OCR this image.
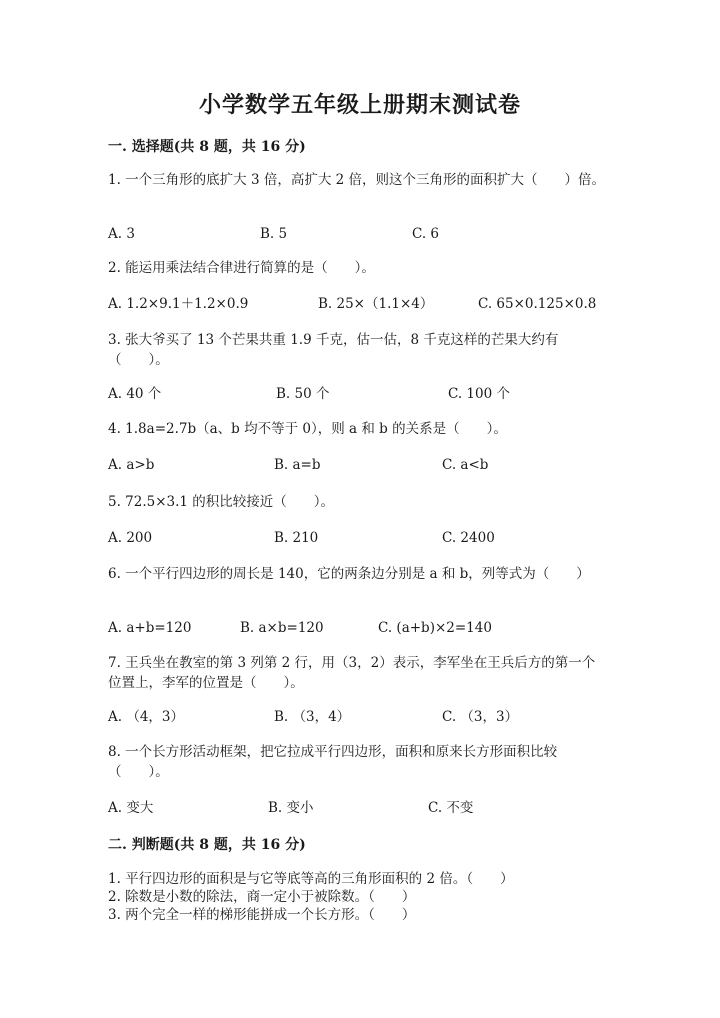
小学数学五年级上册期末测试卷
一. 选择题(共 8 题，共 16 分)
1. 一个三角形的底扩大 3 倍，高扩大 2 倍，则这个三角形的面积扩大（　　）倍。
A. 3	B. 5	C. 6
2. 能运用乘法结合律进行简算的是（　　）。
A. 1.2×9.1＋1.2×0.9	B. 25×（1.1×4）	C. 65×0.125×0.8
3. 张大爷买了 13 个芒果共重 1.9 千克，估一估，8 千克这样的芒果大约有（　　）。
A. 40 个	B. 50 个	C. 100 个
4. 1.8a=2.7b（a、b 均不等于 0），则 a 和 b 的关系是（　　）。
A. a>b	B. a=b	C. a<b
5. 72.5×3.1 的积比较接近（　　）。
A. 200	B. 210	C. 2400
6. 一个平行四边形的周长是 140，它的两条边分别是 a 和 b，列等式为（　　）
A. a+b=120	B. a×b=120	C. (a+b)×2=140
7. 王兵坐在教室的第 3 列第 2 行，用（3，2）表示，李军坐在王兵后方的第一个位置上，李军的位置是（　　）。
A. （4，3）	B. （3，4）	C. （3，3）
8. 一个长方形活动框架，把它拉成平行四边形，面积和原来长方形面积比较（　　）。
A. 变大	B. 变小	C. 不变
二. 判断题(共 8 题，共 16 分)
1. 平行四边形的面积是与它等底等高的三角形面积的 2 倍。（　　）
2. 除数是小数的除法，商一定小于被除数。（　　）
3. 两个完全一样的梯形能拼成一个长方形。（　　）
